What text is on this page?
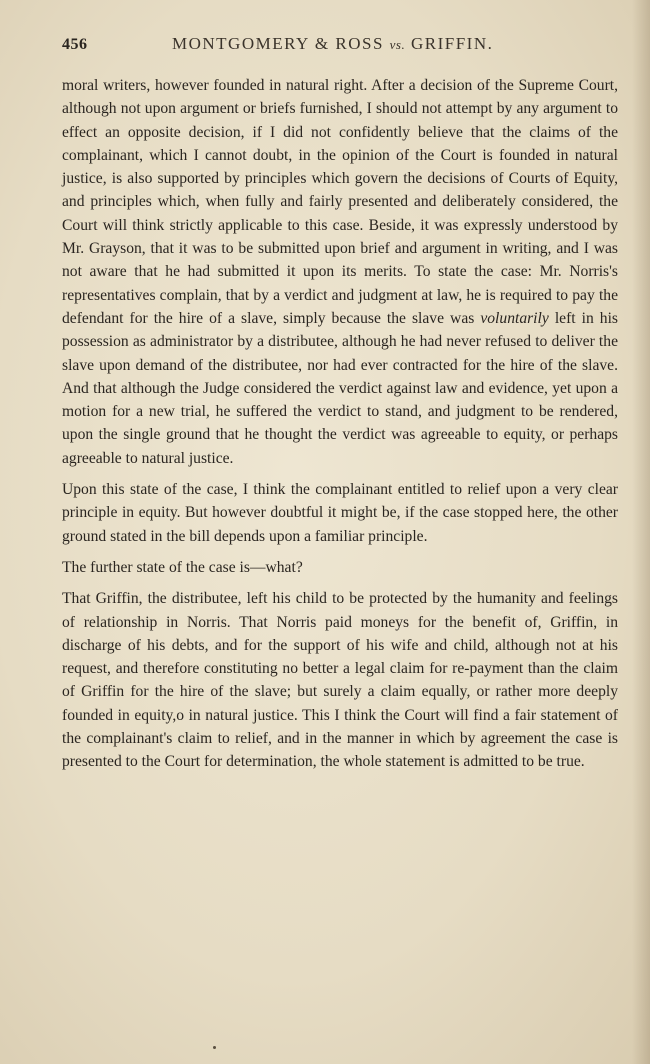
456	MONTGOMERY & ROSS vs. GRIFFIN.

moral writers, however founded in natural right. After a decision of the Supreme Court, although not upon argument or briefs furnished, I should not attempt by any argument to effect an opposite decision, if I did not confidently believe that the claims of the complainant, which I cannot doubt, in the opinion of the Court is founded in natural justice, is also supported by principles which govern the decisions of Courts of Equity, and principles which, when fully and fairly presented and deliberately considered, the Court will think strictly applicable to this case. Beside, it was expressly understood by Mr. Grayson, that it was to be submitted upon brief and argument in writing, and I was not aware that he had submitted it upon its merits. To state the case: Mr. Norris's representatives complain, that by a verdict and judgment at law, he is required to pay the defendant for the hire of a slave, simply because the slave was voluntarily left in his possession as administrator by a distributee, although he had never refused to deliver the slave upon demand of the distributee, nor had ever contracted for the hire of the slave. And that although the Judge considered the verdict against law and evidence, yet upon a motion for a new trial, he suffered the verdict to stand, and judgment to be rendered, upon the single ground that he thought the verdict was agreeable to equity, or perhaps agreeable to natural justice.

Upon this state of the case, I think the complainant entitled to relief upon a very clear principle in equity. But however doubtful it might be, if the case stopped here, the other ground stated in the bill depends upon a familiar principle.

The further state of the case is—what?

That Griffin, the distributee, left his child to be protected by the humanity and feelings of relationship in Norris. That Norris paid moneys for the benefit of, Griffin, in discharge of his debts, and for the support of his wife and child, although not at his request, and therefore constituting no better a legal claim for re-payment than the claim of Griffin for the hire of the slave; but surely a claim equally, or rather more deeply founded in equity,o in natural justice. This I think the Court will find a fair statement of the complainant's claim to relief, and in the manner in which by agreement the case is presented to the Court for determination, the whole statement is admitted to be true.
